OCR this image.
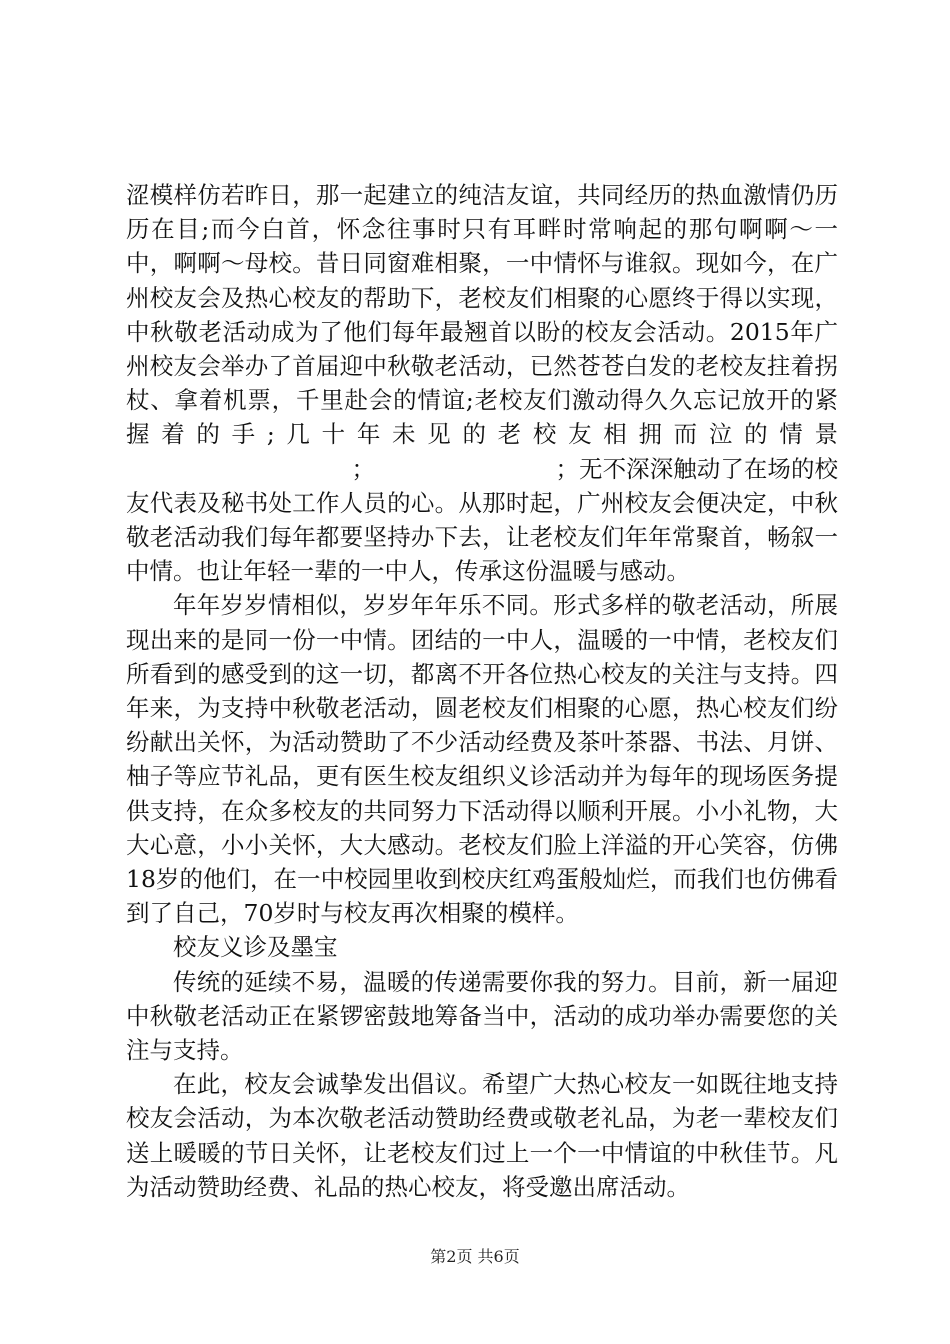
涩模样仿若昨日，那一起建立的纯洁友谊，共同经历的热血激情仍历历在目;而今白首，怀念往事时只有耳畔时常响起的那句啊啊～一中，啊啊～母校。昔日同窗难相聚，一中情怀与谁叙。现如今，在广州校友会及热心校友的帮助下，老校友们相聚的心愿终于得以实现，中秋敬老活动成为了他们每年最翘首以盼的校友会活动。2015年广州校友会举办了首届迎中秋敬老活动，已然苍苍白发的老校友拄着拐杖、拿着机票，千里赴会的情谊;老校友们激动得久久忘记放开的紧握着的手;几十年未见的老校友相拥而泣的情景                              ；	；无不深深触动了在场的校友代表及秘书处工作人员的心。从那时起，广州校友会便决定，中秋敬老活动我们每年都要坚持办下去，让老校友们年年常聚首，畅叙一中情。也让年轻一辈的一中人，传承这份温暖与感动。

年年岁岁情相似，岁岁年年乐不同。形式多样的敬老活动，所展现出来的是同一份一中情。团结的一中人，温暖的一中情，老校友们所看到的感受到的这一切，都离不开各位热心校友的关注与支持。四年来，为支持中秋敬老活动，圆老校友们相聚的心愿，热心校友们纷纷献出关怀，为活动赞助了不少活动经费及茶叶茶器、书法、月饼、柚子等应节礼品，更有医生校友组织义诊活动并为每年的现场医务提供支持，在众多校友的共同努力下活动得以顺利开展。小小礼物，大大心意，小小关怀，大大感动。老校友们脸上洋溢的开心笑容，仿佛18岁的他们，在一中校园里收到校庆红鸡蛋般灿烂，而我们也仿佛看到了自己，70岁时与校友再次相聚的模样。

校友义诊及墨宝

传统的延续不易，温暖的传递需要你我的努力。目前，新一届迎中秋敬老活动正在紧锣密鼓地筹备当中，活动的成功举办需要您的关注与支持。

在此，校友会诚挚发出倡议。希望广大热心校友一如既往地支持校友会活动，为本次敬老活动赞助经费或敬老礼品，为老一辈校友们送上暖暖的节日关怀，让老校友们过上一个一中情谊的中秋佳节。凡为活动赞助经费、礼品的热心校友，将受邀出席活动。

第2页 共6页
